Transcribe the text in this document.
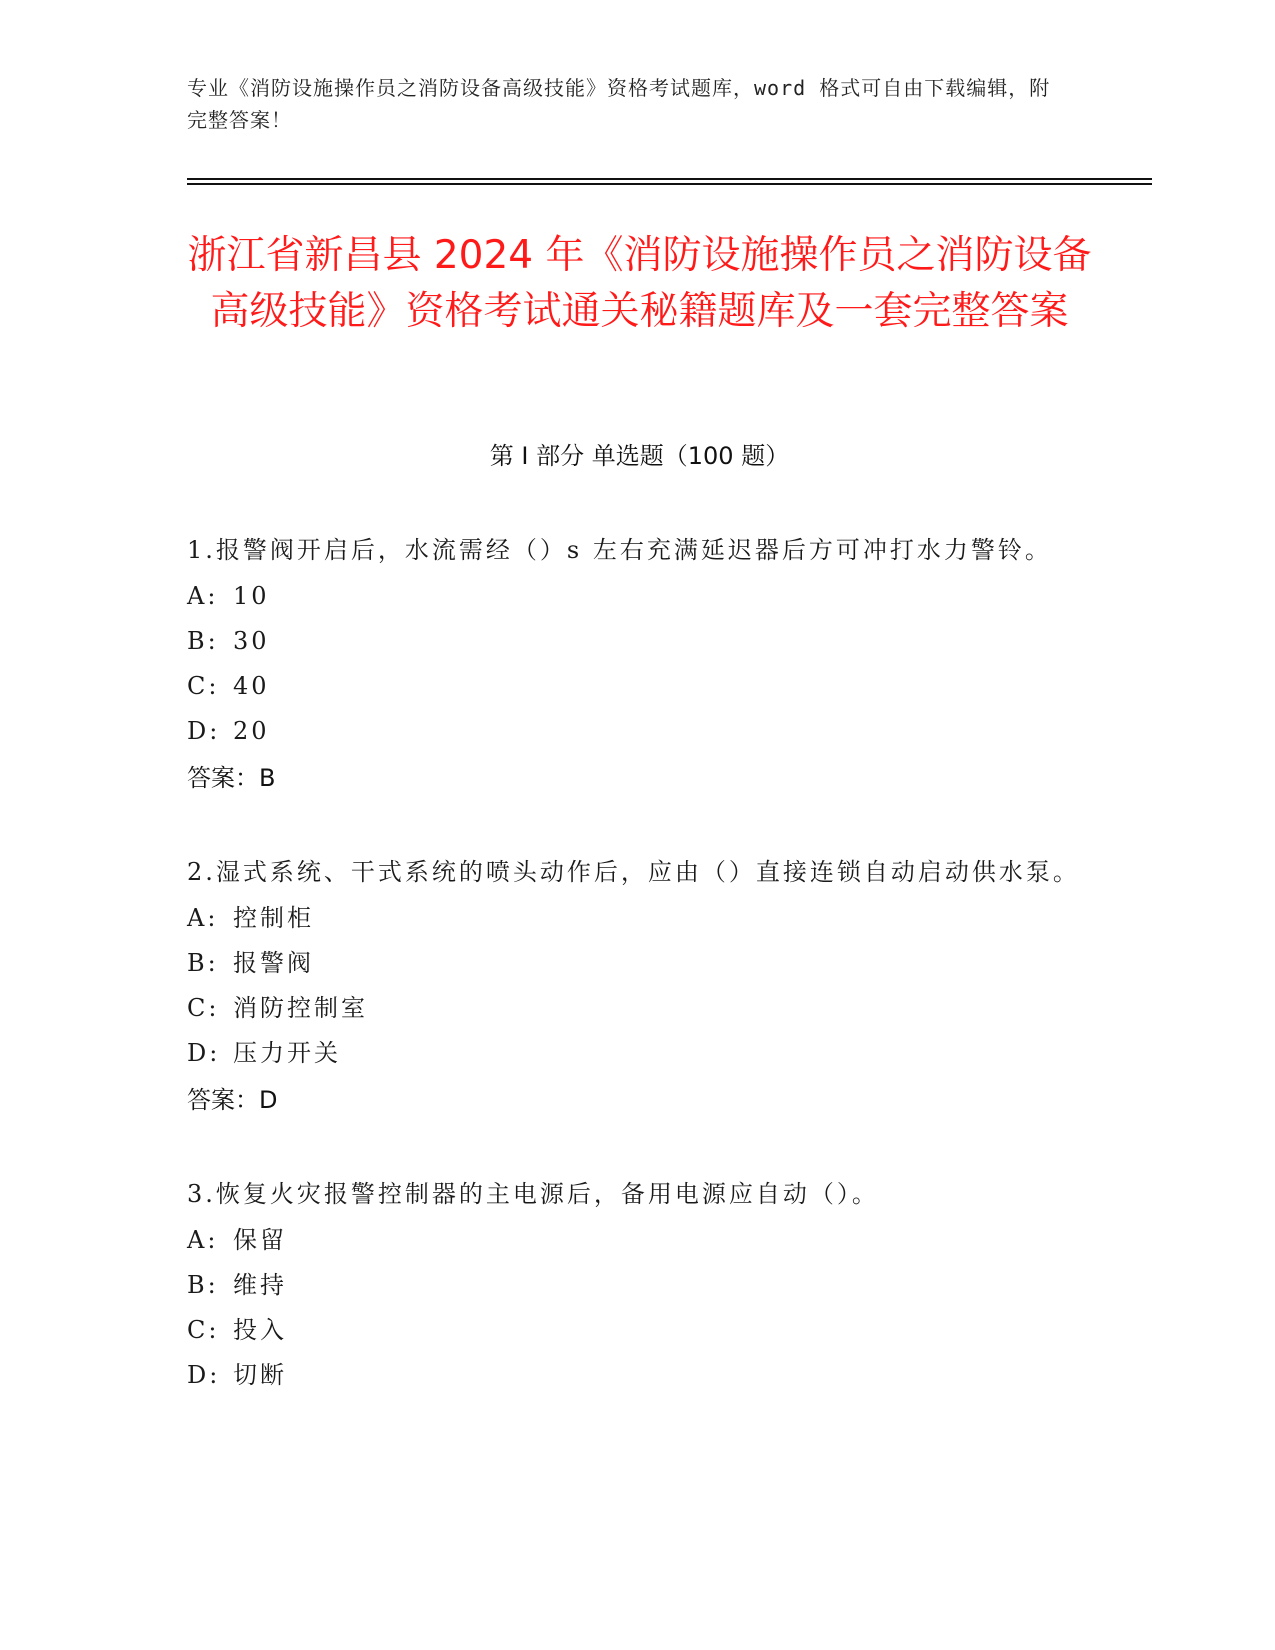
专业《消防设施操作员之消防设备高级技能》资格考试题库，word 格式可自由下载编辑，附完整答案！
浙江省新昌县 2024 年《消防设施操作员之消防设备高级技能》资格考试通关秘籍题库及一套完整答案
第 I 部分 单选题（100 题）
1.报警阀开启后，水流需经（）s 左右充满延迟器后方可冲打水力警铃。
A: 10
B: 30
C: 40
D: 20
答案：B
2.湿式系统、干式系统的喷头动作后，应由（）直接连锁自动启动供水泵。
A: 控制柜
B: 报警阀
C: 消防控制室
D: 压力开关
答案：D
3.恢复火灾报警控制器的主电源后，备用电源应自动（）。
A: 保留
B: 维持
C: 投入
D: 切断
